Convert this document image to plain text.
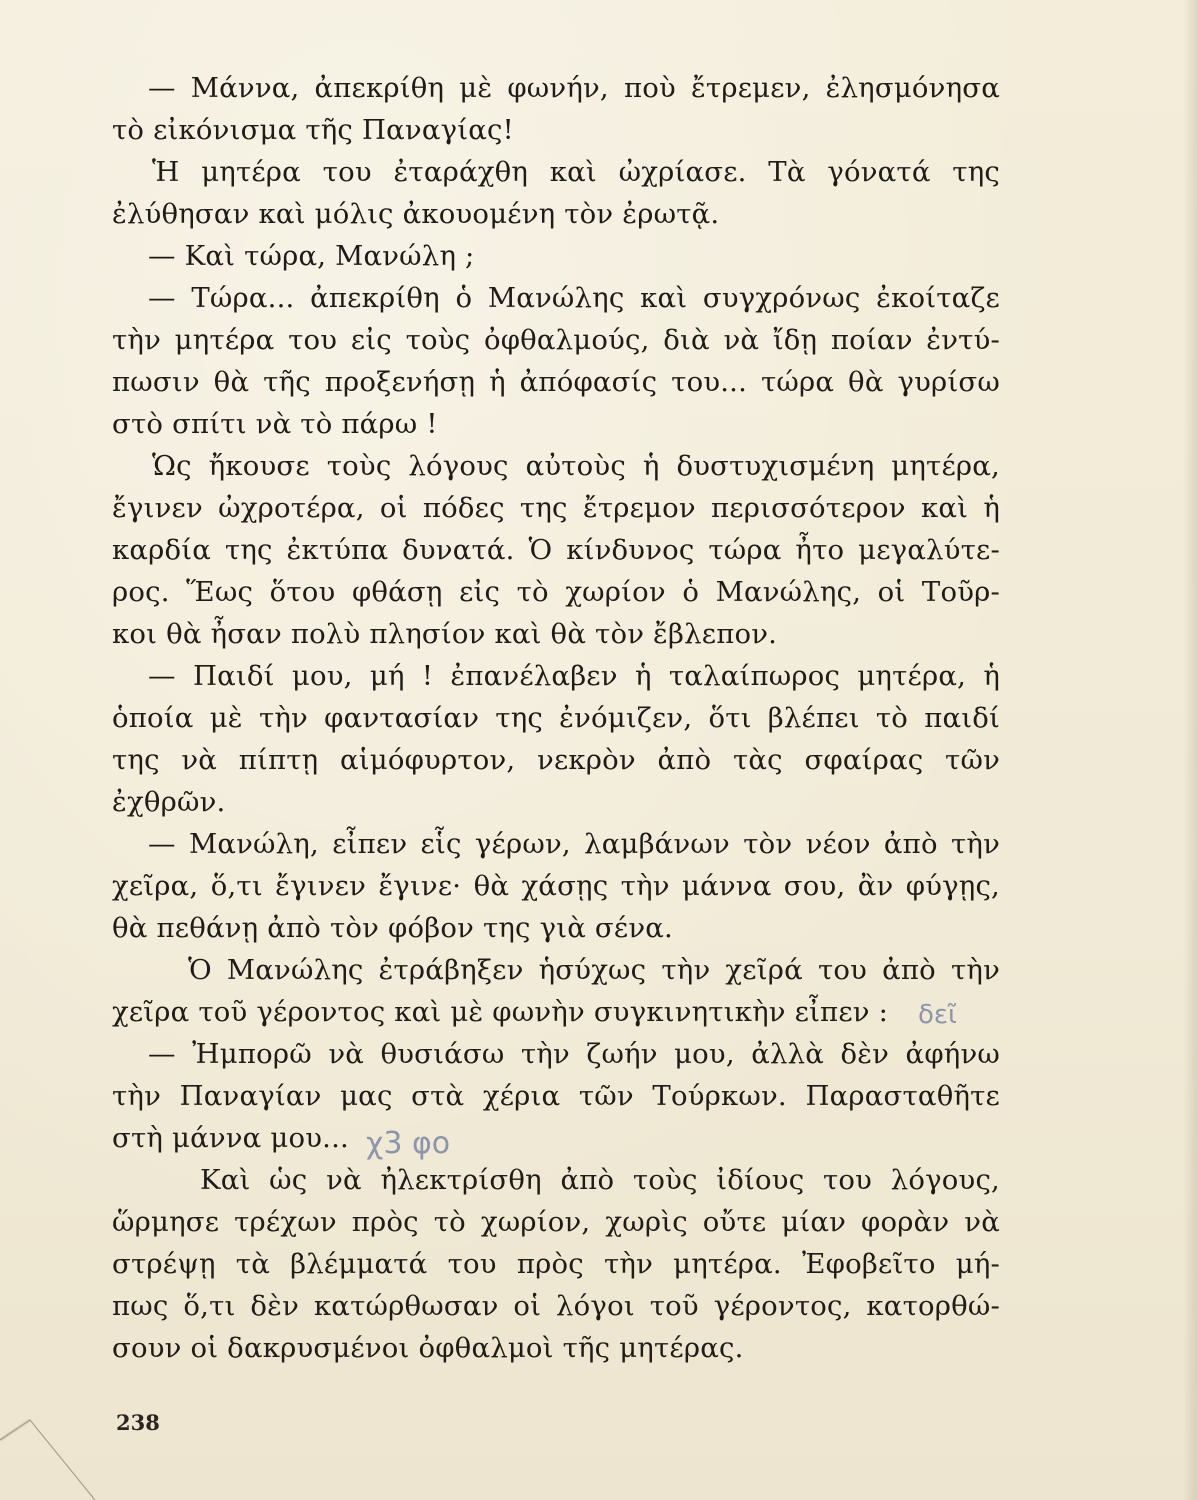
— Μάννα, ἀπεκρίθη μὲ φωνήν, ποὺ ἔτρεμεν, ἐλησμόνησα
τὸ εἰκόνισμα τῆς Παναγίας!
Ἡ μητέρα του ἐταράχθη καὶ ὠχρίασε. Τὰ γόνατά της
ἐλύθησαν καὶ μόλις ἀκουομένη τὸν ἐρωτᾷ.
— Καὶ τώρα, Μανώλη ;
— Τώρα... ἀπεκρίθη ὁ Μανώλης καὶ συγχρόνως ἐκοίταζε
τὴν μητέρα του εἰς τοὺς ὀφθαλμούς, διὰ νὰ ἴδῃ ποίαν ἐντύ-
πωσιν θὰ τῆς προξενήσῃ ἡ ἀπόφασίς του... τώρα θὰ γυρίσω
στὸ σπίτι νὰ τὸ πάρω !
Ὡς ἤκουσε τοὺς λόγους αὐτοὺς ἡ δυστυχισμένη μητέρα,
ἔγινεν ὠχροτέρα, οἱ πόδες της ἔτρεμον περισσότερον καὶ ἡ
καρδία της ἐκτύπα δυνατά. Ὁ κίνδυνος τώρα ἦτο μεγαλύτε-
ρος. Ἕως ὅτου φθάσῃ εἰς τὸ χωρίον ὁ Μανώλης, οἱ Τοῦρ-
κοι θὰ ἦσαν πολὺ πλησίον καὶ θὰ τὸν ἔβλεπον.
— Παιδί μου, μή ! ἐπανέλαβεν ἡ ταλαίπωρος μητέρα, ἡ
ὁποία μὲ τὴν φαντασίαν της ἐνόμιζεν, ὅτι βλέπει τὸ παιδί
της νὰ πίπτῃ αἱμόφυρτον, νεκρὸν ἀπὸ τὰς σφαίρας τῶν
ἐχθρῶν.
— Μανώλη, εἶπεν εἷς γέρων, λαμβάνων τὸν νέον ἀπὸ τὴν
χεῖρα, ὅ,τι ἔγινεν ἔγινε· θὰ χάσῃς τὴν μάννα σου, ἂν φύγῃς,
θὰ πεθάνῃ ἀπὸ τὸν φόβον της γιὰ σένα.
Ὁ Μανώλης ἐτράβηξεν ἡσύχως τὴν χεῖρά του ἀπὸ τὴν
χεῖρα τοῦ γέροντος καὶ μὲ φωνὴν συγκινητικὴν εἶπεν :
— Ἠμπορῶ νὰ θυσιάσω τὴν ζωήν μου, ἀλλὰ δὲν ἀφήνω
τὴν Παναγίαν μας στὰ χέρια τῶν Τούρκων. Παρασταθῆτε
στὴ μάννα μου...
Καὶ ὡς νὰ ἠλεκτρίσθη ἀπὸ τοὺς ἰδίους του λόγους,
ὥρμησε τρέχων πρὸς τὸ χωρίον, χωρὶς οὔτε μίαν φορὰν νὰ
στρέψῃ τὰ βλέμματά του πρὸς τὴν μητέρα. Ἐφοβεῖτο μή-
πως ὅ,τι δὲν κατώρθωσαν οἱ λόγοι τοῦ γέροντος, κατορθώ-
σουν οἱ δακρυσμένοι ὀφθαλμοὶ τῆς μητέρας.
δεῖ
χ3 φο
238
